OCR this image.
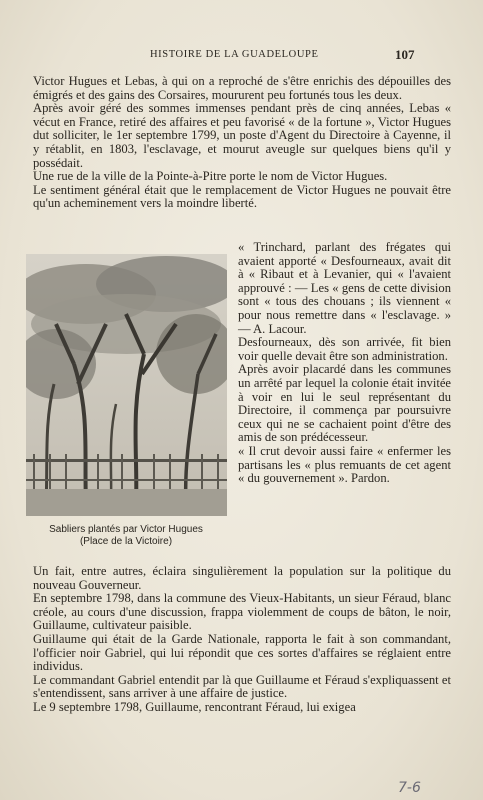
HISTOIRE DE LA GUADELOUPE	107

Victor Hugues et Lebas, à qui on a reproché de s'être enrichis des dépouilles des émigrés et des gains des Corsaires, moururent peu fortunés tous les deux.

Après avoir géré des sommes immenses pendant près de cinq années, Lebas « vécut en France, retiré des affaires et peu favorisé « de la fortune », Victor Hugues dut solliciter, le 1er septembre 1799, un poste d'Agent du Directoire à Cayenne, il y rétablit, en 1803, l'esclavage, et mourut aveugle sur quelques biens qu'il y possédait.

Une rue de la ville de la Pointe-à-Pitre porte le nom de Victor Hugues.

Le sentiment général était que le remplacement de Victor Hugues ne pouvait être qu'un acheminement vers la moindre liberté.

Sabliers plantés par Victor Hugues
(Place de la Victoire)

« Trinchard, parlant des frégates qui avaient apporté « Desfourneaux, avait dit à « Ribaut et à Levanier, qui « l'avaient approuvé : — Les « gens de cette division sont « tous des chouans ; ils viennent « pour nous remettre dans « l'esclavage. » — A. Lacour.

Desfourneaux, dès son arrivée, fit bien voir quelle devait être son administration.

Après avoir placardé dans les communes un arrêté par lequel la colonie était invitée à voir en lui le seul représentant du Directoire, il commença par poursuivre ceux qui ne se cachaient point d'être des amis de son prédécesseur.

« Il crut devoir aussi faire « enfermer les partisans les « plus remuants de cet agent « du gouvernement ». Pardon.

Un fait, entre autres, éclaira singulièrement la population sur la politique du nouveau Gouverneur.

En septembre 1798, dans la commune des Vieux-Habitants, un sieur Féraud, blanc créole, au cours d'une discussion, frappa violemment de coups de bâton, le noir, Guillaume, cultivateur paisible.

Guillaume qui était de la Garde Nationale, rapporta le fait à son commandant, l'officier noir Gabriel, qui lui répondit que ces sortes d'affaires se réglaient entre individus.

Le commandant Gabriel entendit par là que Guillaume et Féraud s'expliquassent et s'entendissent, sans arriver à une affaire de justice.

Le 9 septembre 1798, Guillaume, rencontrant Féraud, lui exigea

7-6
